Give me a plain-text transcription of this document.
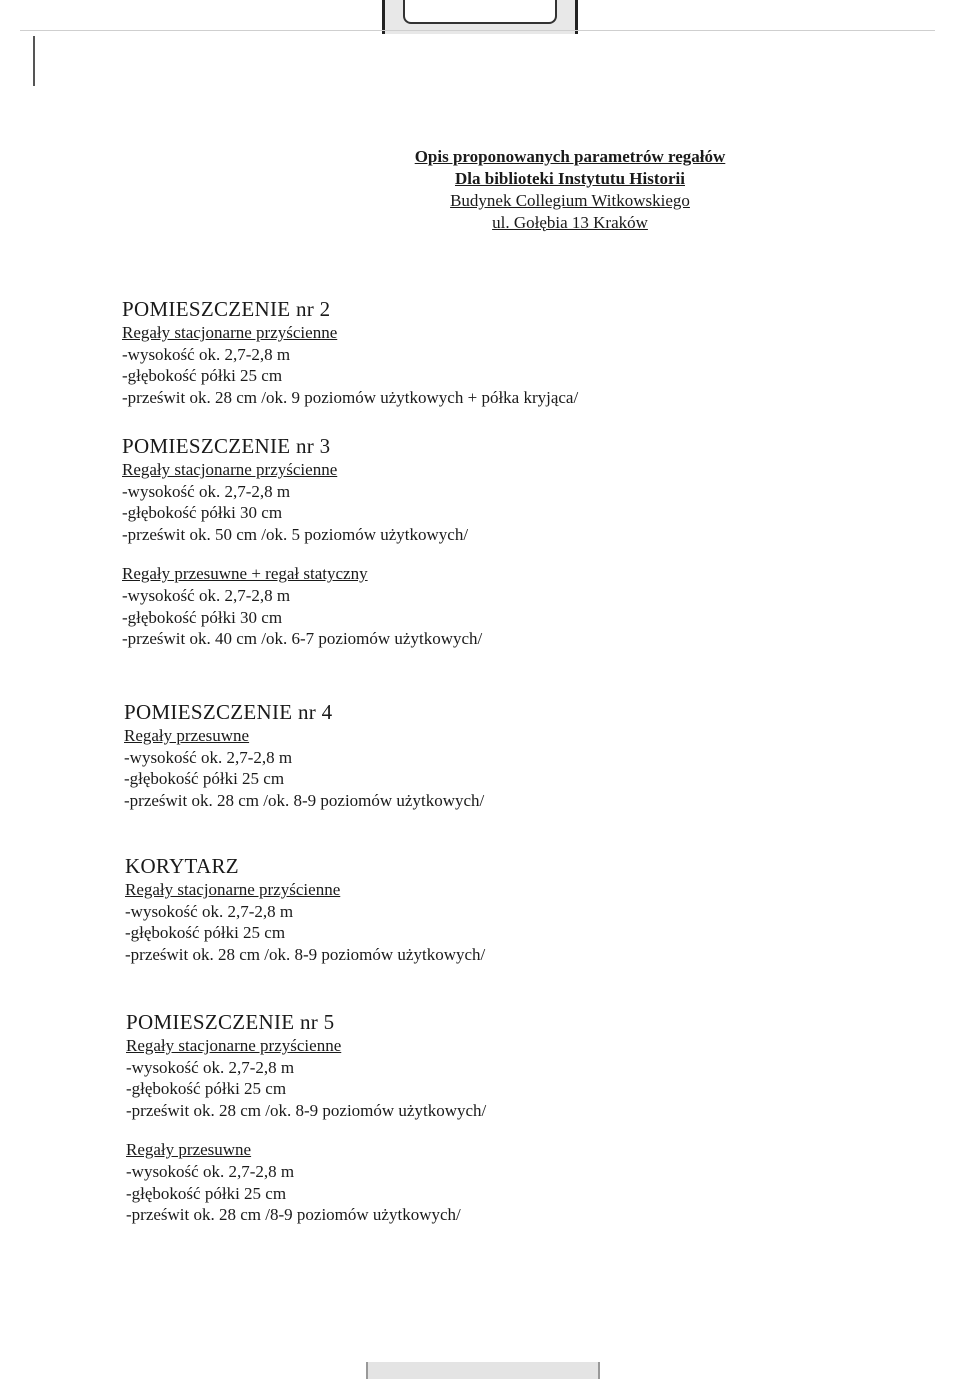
Opis proponowanych parametrów regałów
Dla biblioteki Instytutu Historii
Budynek Collegium Witkowskiego
ul. Gołębia 13 Kraków
POMIESZCZENIE nr 2
Regały stacjonarne przyścienne
-wysokość ok. 2,7-2,8 m
-głębokość półki 25 cm
-prześwit ok. 28 cm /ok. 9 poziomów użytkowych + półka kryjąca/
POMIESZCZENIE nr 3
Regały stacjonarne przyścienne
-wysokość ok. 2,7-2,8 m
-głębokość półki 30 cm
-prześwit ok. 50 cm /ok. 5 poziomów użytkowych/
Regały przesuwne + regał statyczny
-wysokość ok. 2,7-2,8 m
-głębokość półki 30 cm
-prześwit ok. 40 cm /ok. 6-7 poziomów użytkowych/
POMIESZCZENIE nr 4
Regały przesuwne
-wysokość ok. 2,7-2,8 m
-głębokość półki 25 cm
-prześwit ok. 28 cm /ok. 8-9 poziomów użytkowych/
KORYTARZ
Regały stacjonarne przyścienne
-wysokość ok. 2,7-2,8 m
-głębokość półki 25 cm
-prześwit ok. 28 cm /ok. 8-9 poziomów użytkowych/
POMIESZCZENIE nr 5
Regały stacjonarne przyścienne
-wysokość ok. 2,7-2,8 m
-głębokość półki 25 cm
-prześwit ok. 28 cm /ok. 8-9 poziomów użytkowych/
Regały przesuwne
-wysokość ok. 2,7-2,8 m
-głębokość półki 25 cm
-prześwit ok. 28 cm /8-9 poziomów użytkowych/
